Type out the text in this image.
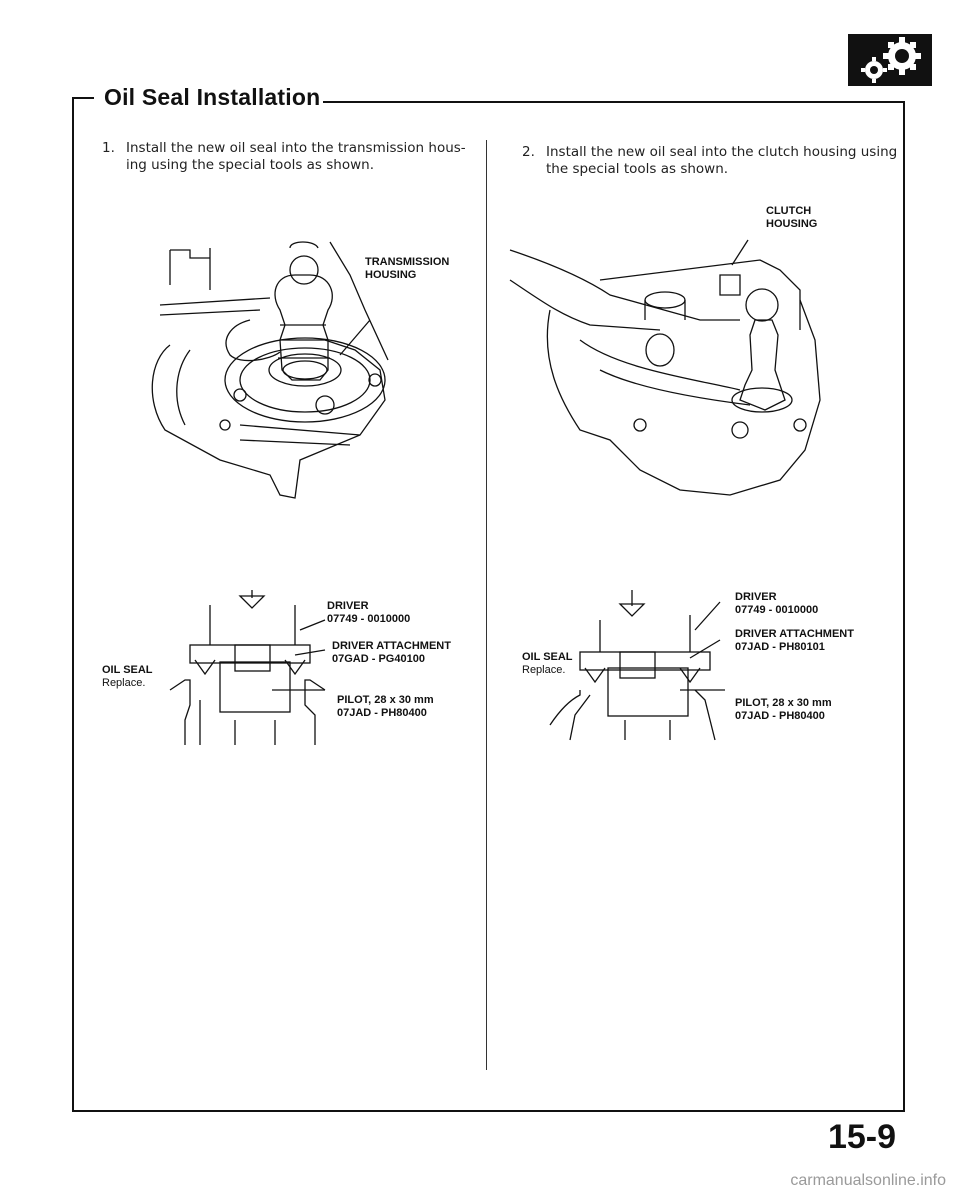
Oil Seal Installation
1. Install the new oil seal into the transmission hous-
ing using the special tools as shown.
TRANSMISSION
HOUSING
DRIVER
07749 - 0010000
DRIVER ATTACHMENT
07GAD - PG40100
OIL SEAL
Replace.
PILOT, 28 x 30 mm
07JAD - PH80400
2. Install the new oil seal into the clutch housing using
the special tools as shown.
CLUTCH
HOUSING
DRIVER
07749 - 0010000
DRIVER ATTACHMENT
07JAD - PH80101
OIL SEAL
Replace.
PILOT, 28 x 30 mm
07JAD - PH80400
15-9
carmanualsonline.info
